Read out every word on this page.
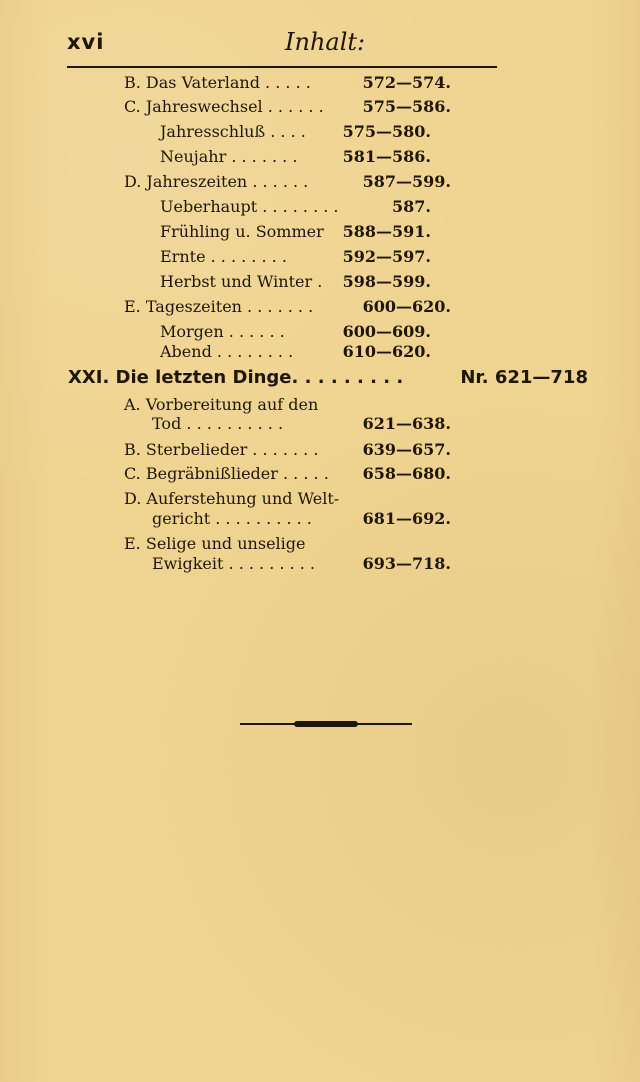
xvi	Inhalt:
B. Das Vaterland . . . . .	572—574.
C. Jahreswechsel . . . . . . 575—586.
Jahresschluß . . . . 575—580.
Neujahr . . . . . . .	581—586.
D. Jahreszeiten . . . . . .	587—599.
Ueberhaupt . . . . . . . .	587.
Frühling u. Sommer 588—591.
Ernte . . . . . . . .	592—597.
Herbst und Winter . 598—599.
E. Tageszeiten . . . . . . .	600—620.
Morgen . . . . . .	600—609.
Abend . . . . . . . .	610—620.
XXI. Die letzten Dinge. . . . . . . . .	Nr. 621—718
A. Vorbereitung auf den
Tod . . . . . . . . . .	621—638.
B. Sterbelieder . . . . . . .	639—657.
C. Begräbnißlieder . . . . . 658—680.
D. Auferstehung und Welt-
gericht . . . . . . . . . .	681—692.
E. Selige und unselige
Ewigkeit . . . . . . . . .	693—718.
